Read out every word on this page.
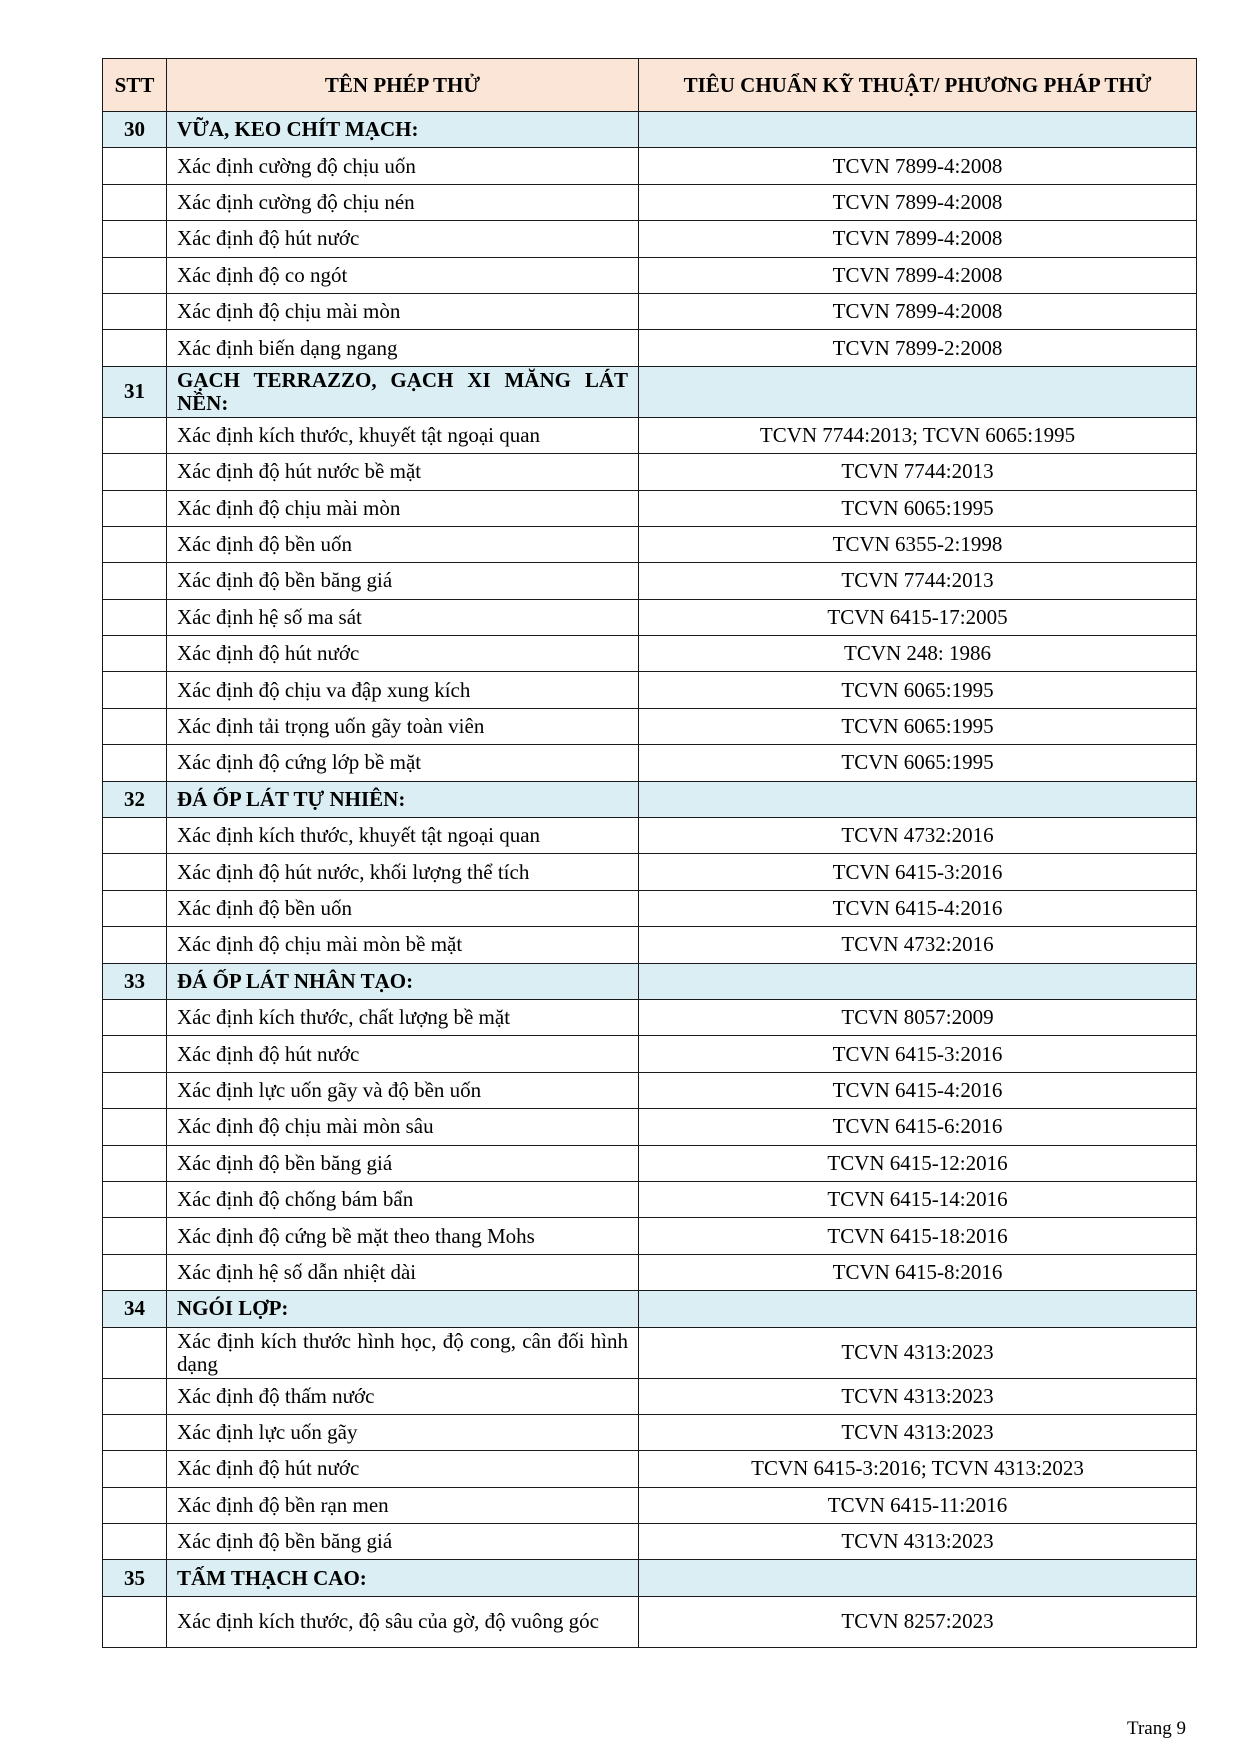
STT	TÊN PHÉP THỬ	TIÊU CHUẨN KỸ THUẬT/ PHƯƠNG PHÁP THỬ
30	VỮA, KEO CHÍT MẠCH:	
	Xác định cường độ chịu uốn	TCVN 7899-4:2008
	Xác định cường độ chịu nén	TCVN 7899-4:2008
	Xác định độ hút nước	TCVN 7899-4:2008
	Xác định độ co ngót	TCVN 7899-4:2008
	Xác định độ chịu mài mòn	TCVN 7899-4:2008
	Xác định biến dạng ngang	TCVN 7899-2:2008
31	GẠCH TERRAZZO, GẠCH XI MĂNG LÁT NỀN:	
	Xác định kích thước, khuyết tật ngoại quan	TCVN 7744:2013; TCVN 6065:1995
	Xác định độ hút nước bề mặt	TCVN 7744:2013
	Xác định độ chịu mài mòn	TCVN 6065:1995
	Xác định độ bền uốn	TCVN 6355-2:1998
	Xác định độ bền băng giá	TCVN 7744:2013
	Xác định hệ số ma sát	TCVN 6415-17:2005
	Xác định độ hút nước	TCVN 248: 1986
	Xác định độ chịu va đập xung kích	TCVN 6065:1995
	Xác định tải trọng uốn gãy toàn viên	TCVN 6065:1995
	Xác định độ cứng lớp bề mặt	TCVN 6065:1995
32	ĐÁ ỐP LÁT TỰ NHIÊN:	
	Xác định kích thước, khuyết tật ngoại quan	TCVN 4732:2016
	Xác định độ hút nước, khối lượng thể tích	TCVN 6415-3:2016
	Xác định độ bền uốn	TCVN 6415-4:2016
	Xác định độ chịu mài mòn bề mặt	TCVN 4732:2016
33	ĐÁ ỐP LÁT NHÂN TẠO:	
	Xác định kích thước, chất lượng bề mặt	TCVN 8057:2009
	Xác định độ hút nước	TCVN 6415-3:2016
	Xác định lực uốn gãy và độ bền uốn	TCVN 6415-4:2016
	Xác định độ chịu mài mòn sâu	TCVN 6415-6:2016
	Xác định độ bền băng giá	TCVN 6415-12:2016
	Xác định độ chống bám bẩn	TCVN 6415-14:2016
	Xác định độ cứng bề mặt theo thang Mohs	TCVN 6415-18:2016
	Xác định hệ số dẫn nhiệt dài	TCVN 6415-8:2016
34	NGÓI LỢP:	
	Xác định kích thước hình học, độ cong, cân đối hình dạng	TCVN 4313:2023
	Xác định độ thấm nước	TCVN 4313:2023
	Xác định lực uốn gãy	TCVN 4313:2023
	Xác định độ hút nước	TCVN 6415-3:2016; TCVN 4313:2023
	Xác định độ bền rạn men	TCVN 6415-11:2016
	Xác định độ bền băng giá	TCVN 4313:2023
35	TẤM THẠCH CAO:	
	Xác định kích thước, độ sâu của gờ, độ vuông góc	TCVN 8257:2023
Trang 9
